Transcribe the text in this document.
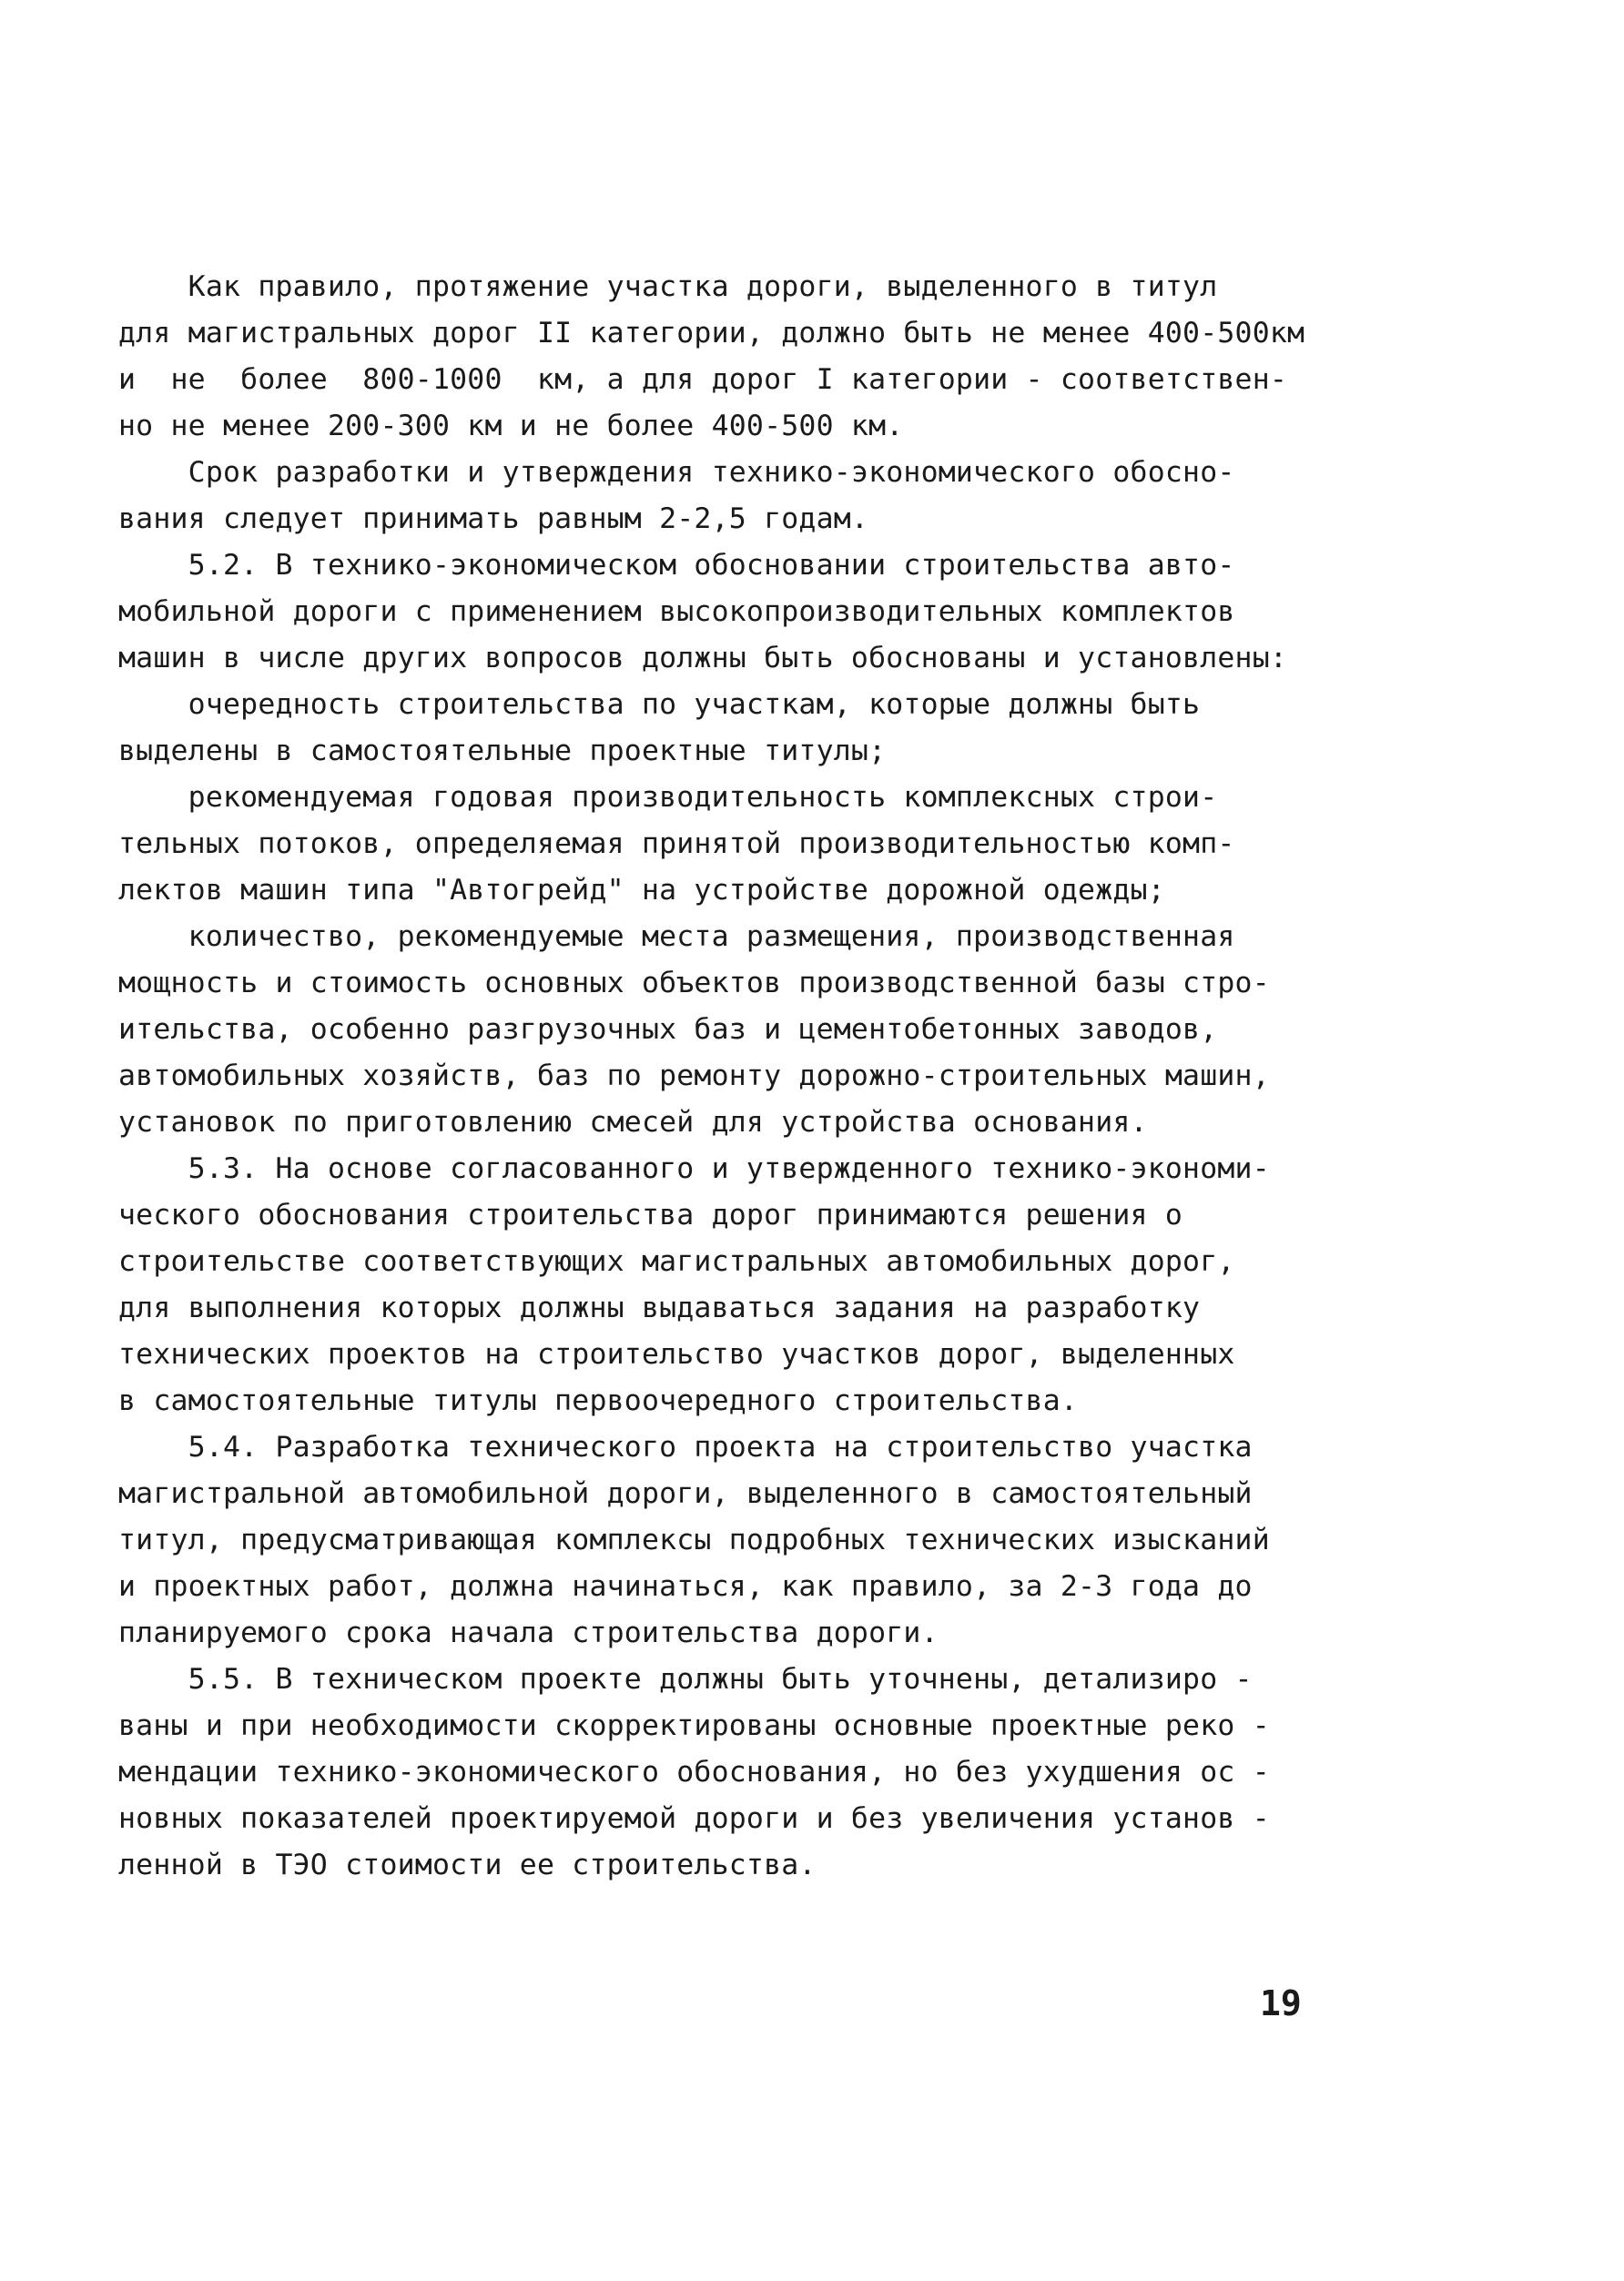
Как правило, протяжение участка дороги, выделенного в титул
для магистральных дорог II категории, должно быть не менее 400-500км
и  не  более  800-1000  км, а для дорог I категории - соответствен-
но не менее 200-300 км и не более 400-500 км.
Срок разработки и утверждения технико-экономического обосно-
вания следует принимать равным 2-2,5 годам.
5.2. В технико-экономическом обосновании строительства авто-
мобильной дороги с применением высокопроизводительных комплектов
машин в числе других вопросов должны быть обоснованы и установлены:
очередность строительства по участкам, которые должны быть
выделены в самостоятельные проектные титулы;
рекомендуемая годовая производительность комплексных строи-
тельных потоков, определяемая принятой производительностью комп-
лектов машин типа "Автогрейд" на устройстве дорожной одежды;
количество, рекомендуемые места размещения, производственная
мощность и стоимость основных объектов производственной базы стро-
ительства, особенно разгрузочных баз и цементобетонных заводов,
автомобильных хозяйств, баз по ремонту дорожно-строительных машин,
установок по приготовлению смесей для устройства основания.
5.3. На основе согласованного и утвержденного технико-экономи-
ческого обоснования строительства дорог принимаются решения о
строительстве соответствующих магистральных автомобильных дорог,
для выполнения которых должны выдаваться задания на разработку
технических проектов на строительство участков дорог, выделенных
в самостоятельные титулы первоочередного строительства.
5.4. Разработка технического проекта на строительство участка
магистральной автомобильной дороги, выделенного в самостоятельный
титул, предусматривающая комплексы подробных технических изысканий
и проектных работ, должна начинаться, как правило, за 2-3 года до
планируемого срока начала строительства дороги.
5.5. В техническом проекте должны быть уточнены, детализиро -
ваны и при необходимости скорректированы основные проектные реко -
мендации технико-экономического обоснования, но без ухудшения ос -
новных показателей проектируемой дороги и без увеличения установ -
ленной в ТЭО стоимости ее строительства.
19
